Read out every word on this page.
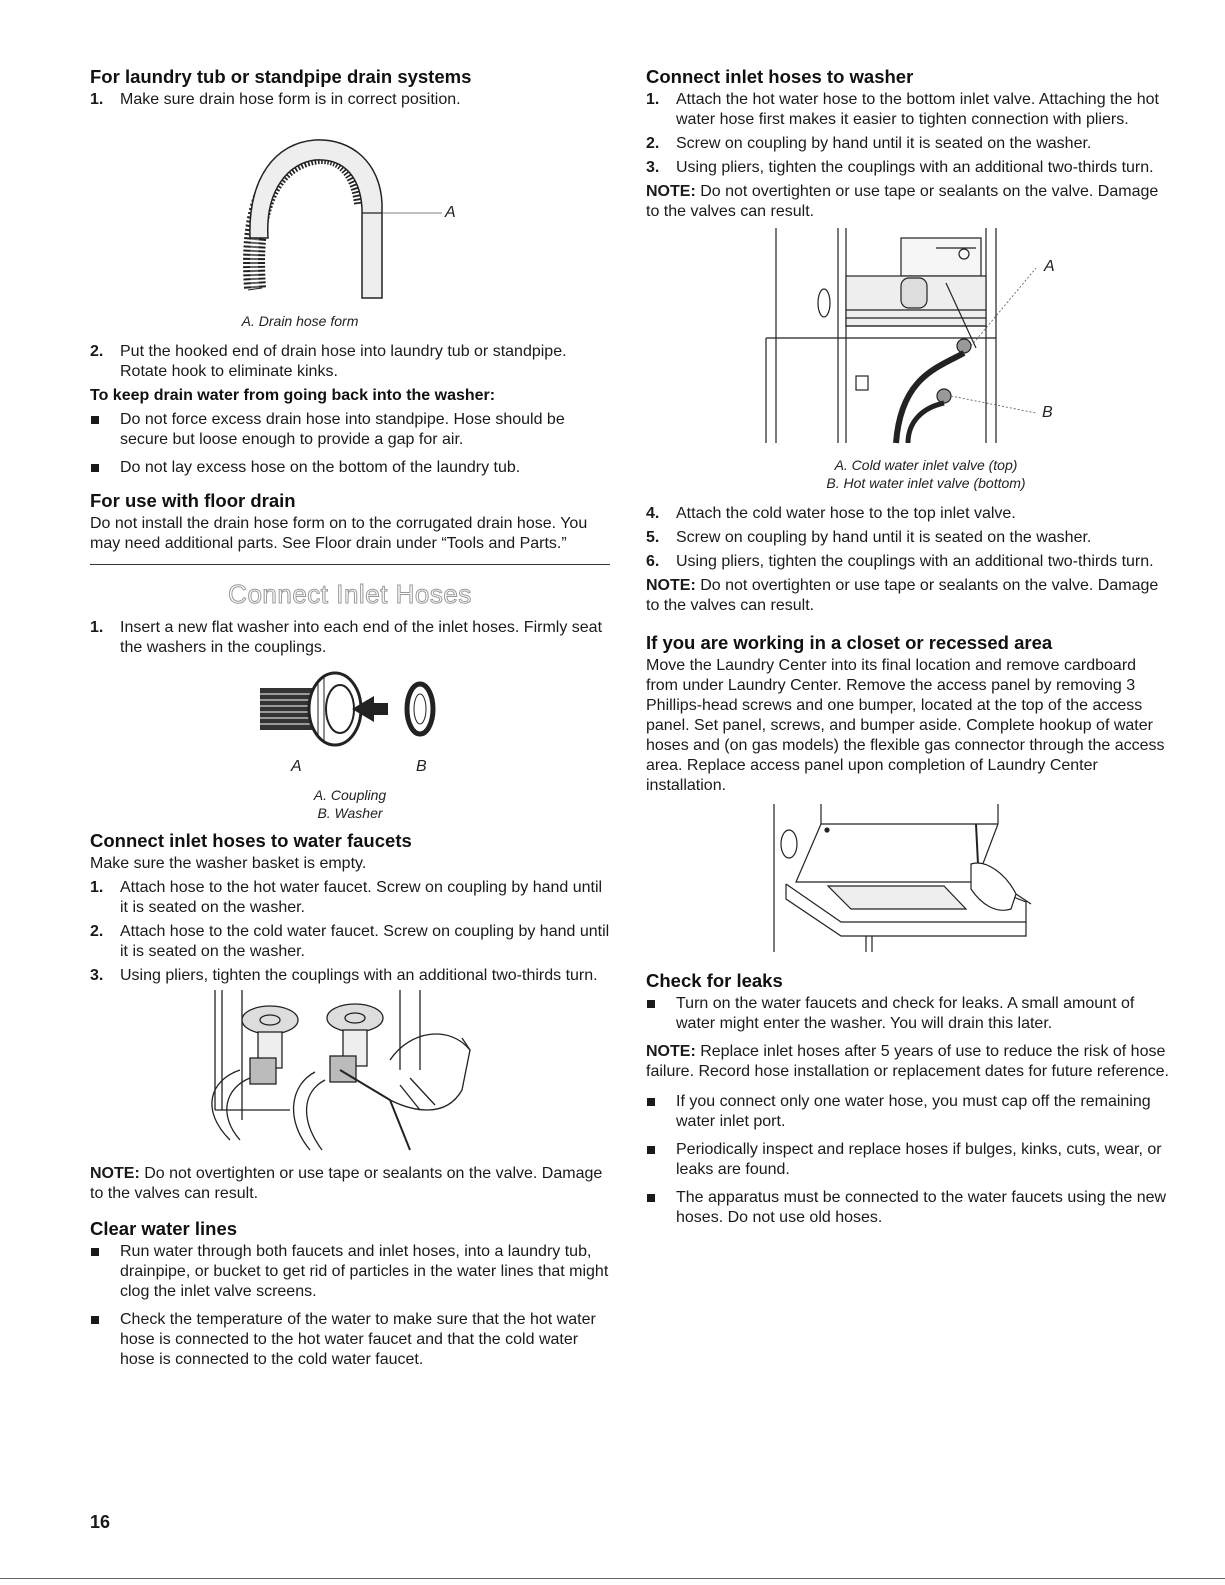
For laundry tub or standpipe drain systems
1. Make sure drain hose form is in correct position.
A
A. Drain hose form
2. Put the hooked end of drain hose into laundry tub or standpipe. Rotate hook to eliminate kinks.
To keep drain water from going back into the washer:
Do not force excess drain hose into standpipe. Hose should be secure but loose enough to provide a gap for air.
Do not lay excess hose on the bottom of the laundry tub.
For use with floor drain

Do not install the drain hose form on to the corrugated drain hose. You may need additional parts. See Floor drain under “Tools and Parts.”

Connect Inlet Hoses
1. Insert a new flat washer into each end of the inlet hoses. Firmly seat the washers in the couplings.
A	B
A. Coupling
B. Washer
Connect inlet hoses to water faucets

Make sure the washer basket is empty.

1. Attach hose to the hot water faucet. Screw on coupling by hand until it is seated on the washer.
2. Attach hose to the cold water faucet. Screw on coupling by hand until it is seated on the washer.
3. Using pliers, tighten the couplings with an additional two-thirds turn.

NOTE: Do not overtighten or use tape or sealants on the valve. Damage to the valves can result.

Clear water lines
Run water through both faucets and inlet hoses, into a laundry tub, drainpipe, or bucket to get rid of particles in the water lines that might clog the inlet valve screens.
Check the temperature of the water to make sure that the hot water hose is connected to the hot water faucet and that the cold water hose is connected to the cold water faucet.
Connect inlet hoses to washer
1. Attach the hot water hose to the bottom inlet valve. Attaching the hot water hose first makes it easier to tighten connection with pliers.
2. Screw on coupling by hand until it is seated on the washer.
3. Using pliers, tighten the couplings with an additional two-thirds turn.

NOTE: Do not overtighten or use tape or sealants on the valve. Damage to the valves can result.

A
B
A. Cold water inlet valve (top)
B. Hot water inlet valve (bottom)
4. Attach the cold water hose to the top inlet valve.
5. Screw on coupling by hand until it is seated on the washer.
6. Using pliers, tighten the couplings with an additional two-thirds turn.

NOTE: Do not overtighten or use tape or sealants on the valve. Damage to the valves can result.

If you are working in a closet or recessed area

Move the Laundry Center into its final location and remove cardboard from under Laundry Center. Remove the access panel by removing 3 Phillips-head screws and one bumper, located at the top of the access panel. Set panel, screws, and bumper aside. Complete hookup of water hoses and (on gas models) the flexible gas connector through the access area. Replace access panel upon completion of Laundry Center installation.

Check for leaks
Turn on the water faucets and check for leaks. A small amount of water might enter the washer. You will drain this later.

NOTE: Replace inlet hoses after 5 years of use to reduce the risk of hose failure. Record hose installation or replacement dates for future reference.

If you connect only one water hose, you must cap off the remaining water inlet port.
Periodically inspect and replace hoses if bulges, kinks, cuts, wear, or leaks are found.
The apparatus must be connected to the water faucets using the new hoses. Do not use old hoses.
16
